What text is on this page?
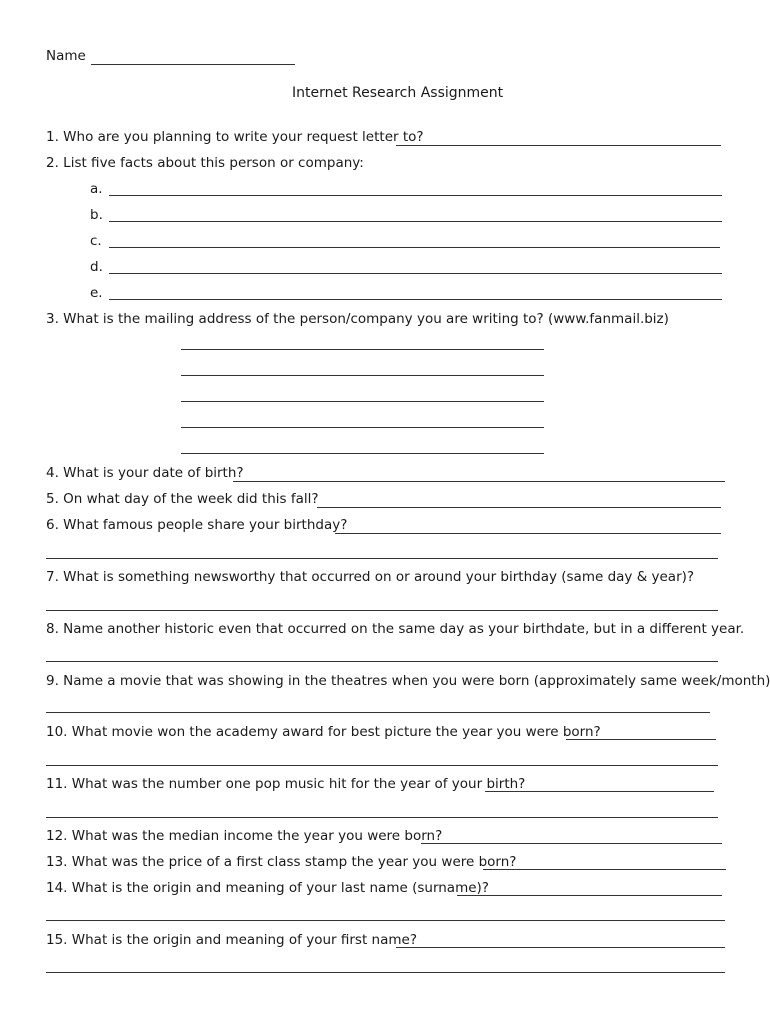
Name
Internet Research Assignment
1. Who are you planning to write your request letter to?
2. List five facts about this person or company:
a.
b.
c.
d.
e.
3. What is the mailing address of the person/company you are writing to? (www.fanmail.biz)
4. What is your date of birth?
5. On what day of the week did this fall?
6. What famous people share your birthday?
7. What is something newsworthy that occurred on or around your birthday (same day & year)?
8. Name another historic even that occurred on the same day as your birthdate, but in a different year.
9. Name a movie that was showing in the theatres when you were born (approximately same week/month)
10. What movie won the academy award for best picture the year you were born?
11. What was the number one pop music hit for the year of your birth?
12. What was the median income the year you were born?
13. What was the price of a first class stamp the year you were born?
14. What is the origin and meaning of your last name (surname)?
15. What is the origin and meaning of your first name?
